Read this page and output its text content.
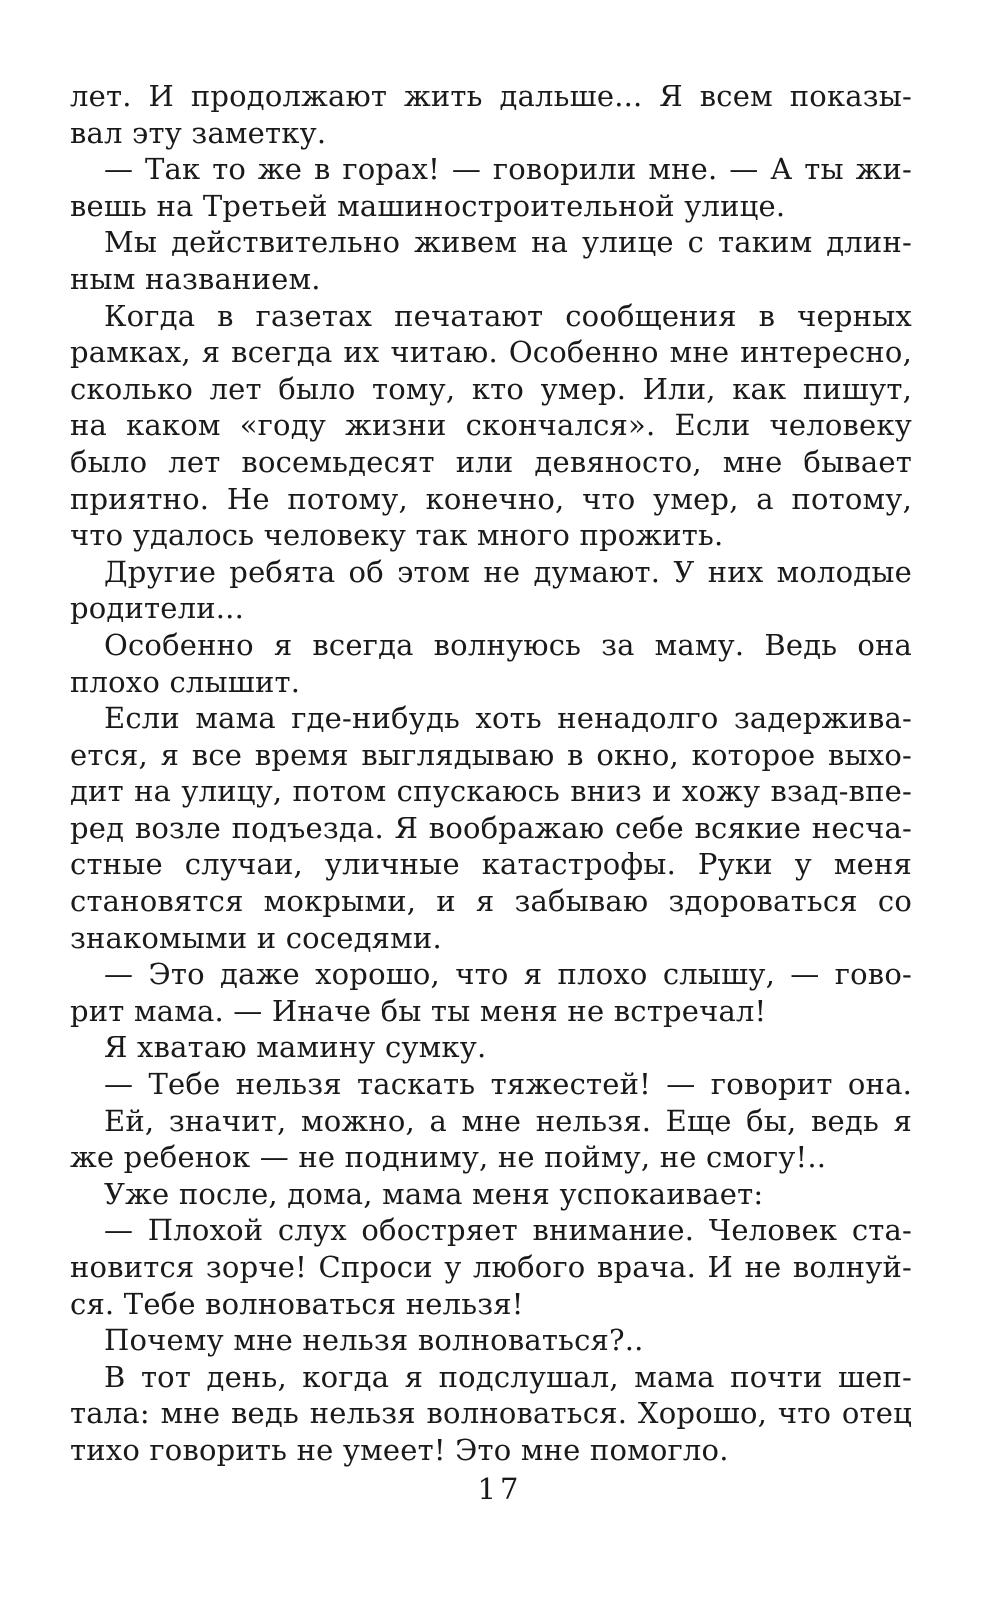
лет. И продолжают жить дальше... Я всем показы-
вал эту заметку.
— Так то же в горах! — говорили мне. — А ты жи-
вешь на Третьей машиностроительной улице.
Мы действительно живем на улице с таким длин-
ным названием.
Когда в газетах печатают сообщения в черных
рамках, я всегда их читаю. Особенно мне интересно,
сколько лет было тому, кто умер. Или, как пишут,
на каком «году жизни скончался». Если человеку
было лет восемьдесят или девяносто, мне бывает
приятно. Не потому, конечно, что умер, а потому,
что удалось человеку так много прожить.
Другие ребята об этом не думают. У них молодые
родители...
Особенно я всегда волнуюсь за маму. Ведь она
плохо слышит.
Если мама где-нибудь хоть ненадолго задержива-
ется, я все время выглядываю в окно, которое выхо-
дит на улицу, потом спускаюсь вниз и хожу взад-впе-
ред возле подъезда. Я воображаю себе всякие несча-
стные случаи, уличные катастрофы. Руки у меня
становятся мокрыми, и я забываю здороваться со
знакомыми и соседями.
— Это даже хорошо, что я плохо слышу, — гово-
рит мама. — Иначе бы ты меня не встречал!
Я хватаю мамину сумку.
— Тебе нельзя таскать тяжестей! — говорит она.
Ей, значит, можно, а мне нельзя. Еще бы, ведь я
же ребенок — не подниму, не пойму, не смогу!..
Уже после, дома, мама меня успокаивает:
— Плохой слух обостряет внимание. Человек ста-
новится зорче! Спроси у любого врача. И не волнуй-
ся. Тебе волноваться нельзя!
Почему мне нельзя волноваться?..
В тот день, когда я подслушал, мама почти шеп-
тала: мне ведь нельзя волноваться. Хорошо, что отец
тихо говорить не умеет! Это мне помогло.
17
